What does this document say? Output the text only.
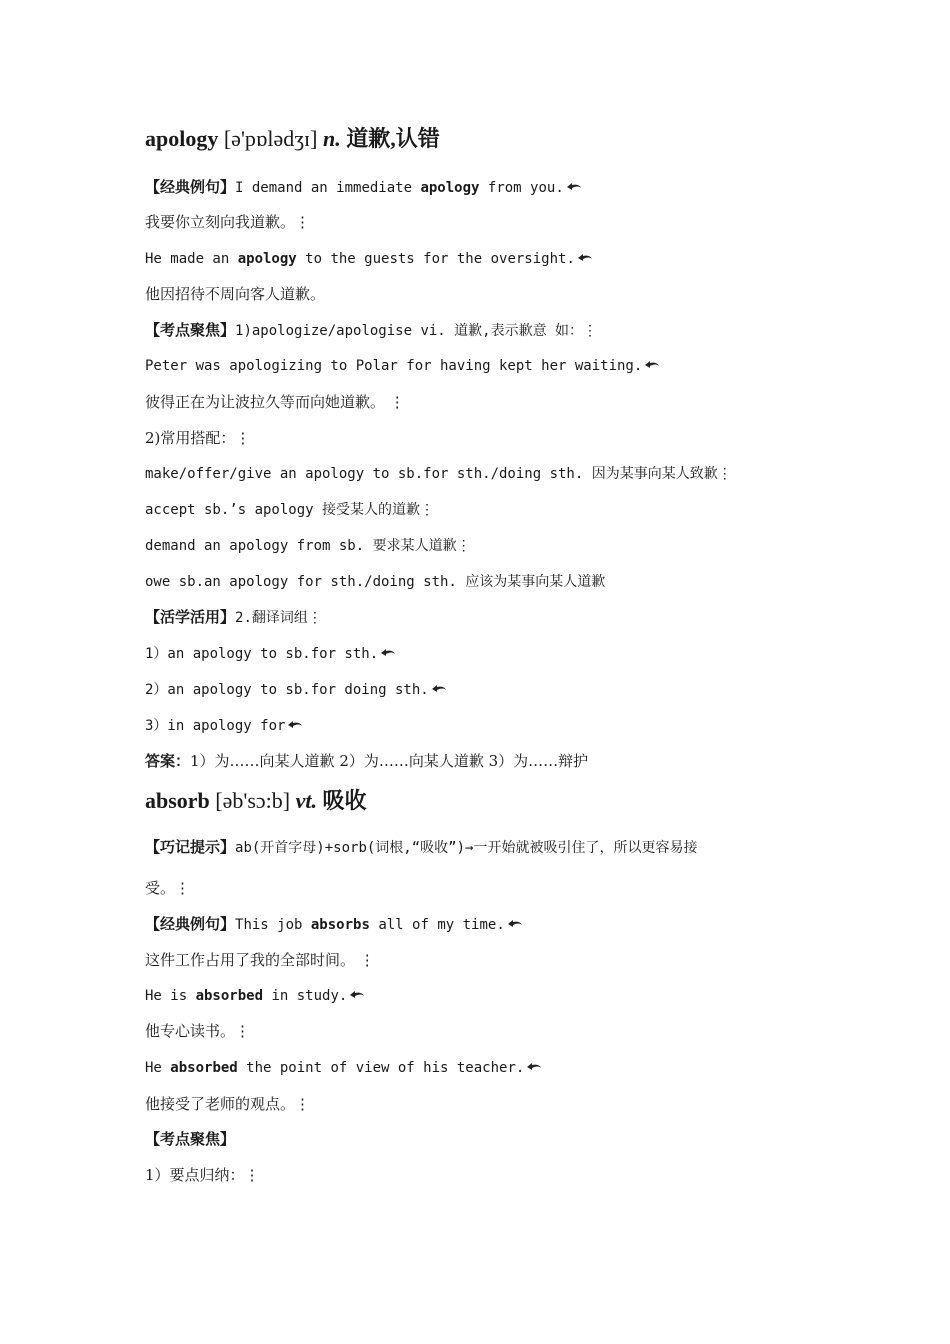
apology [ə'pɒlədʒɪ] n. 道歉,认错
【经典例句】I demand an immediate apology from you.
我要你立刻向我道歉。⋮
He made an apology to the guests for the oversight.
他因招待不周向客人道歉。
【考点聚焦】1)apologize/apologise vi. 道歉,表示歉意 如：⋮
Peter was apologizing to Polar for having kept her waiting.
彼得正在为让波拉久等而向她道歉。 ⋮
2)常用搭配：⋮
make/offer/give an apology to sb.for sth./doing sth. 因为某事向某人致歉⋮
accept sb.’s apology 接受某人的道歉⋮
demand an apology from sb. 要求某人道歉⋮
owe sb.an apology for sth./doing sth. 应该为某事向某人道歉
【活学活用】2.翻译词组⋮
1）an apology to sb.for sth.
2）an apology to sb.for doing sth.
3）in apology for
答案：1）为……向某人道歉 2）为……向某人道歉 3）为……辩护
absorb [əb'sɔ:b] vt. 吸收
【巧记提示】ab(开首字母)+sorb(词根,“吸收”)→一开始就被吸引住了，所以更容易接
受。⋮
【经典例句】This job absorbs all of my time.
这件工作占用了我的全部时间。 ⋮
He is absorbed in study.
他专心读书。⋮
He absorbed the point of view of his teacher.
他接受了老师的观点。⋮
【考点聚焦】
1）要点归纳：⋮
